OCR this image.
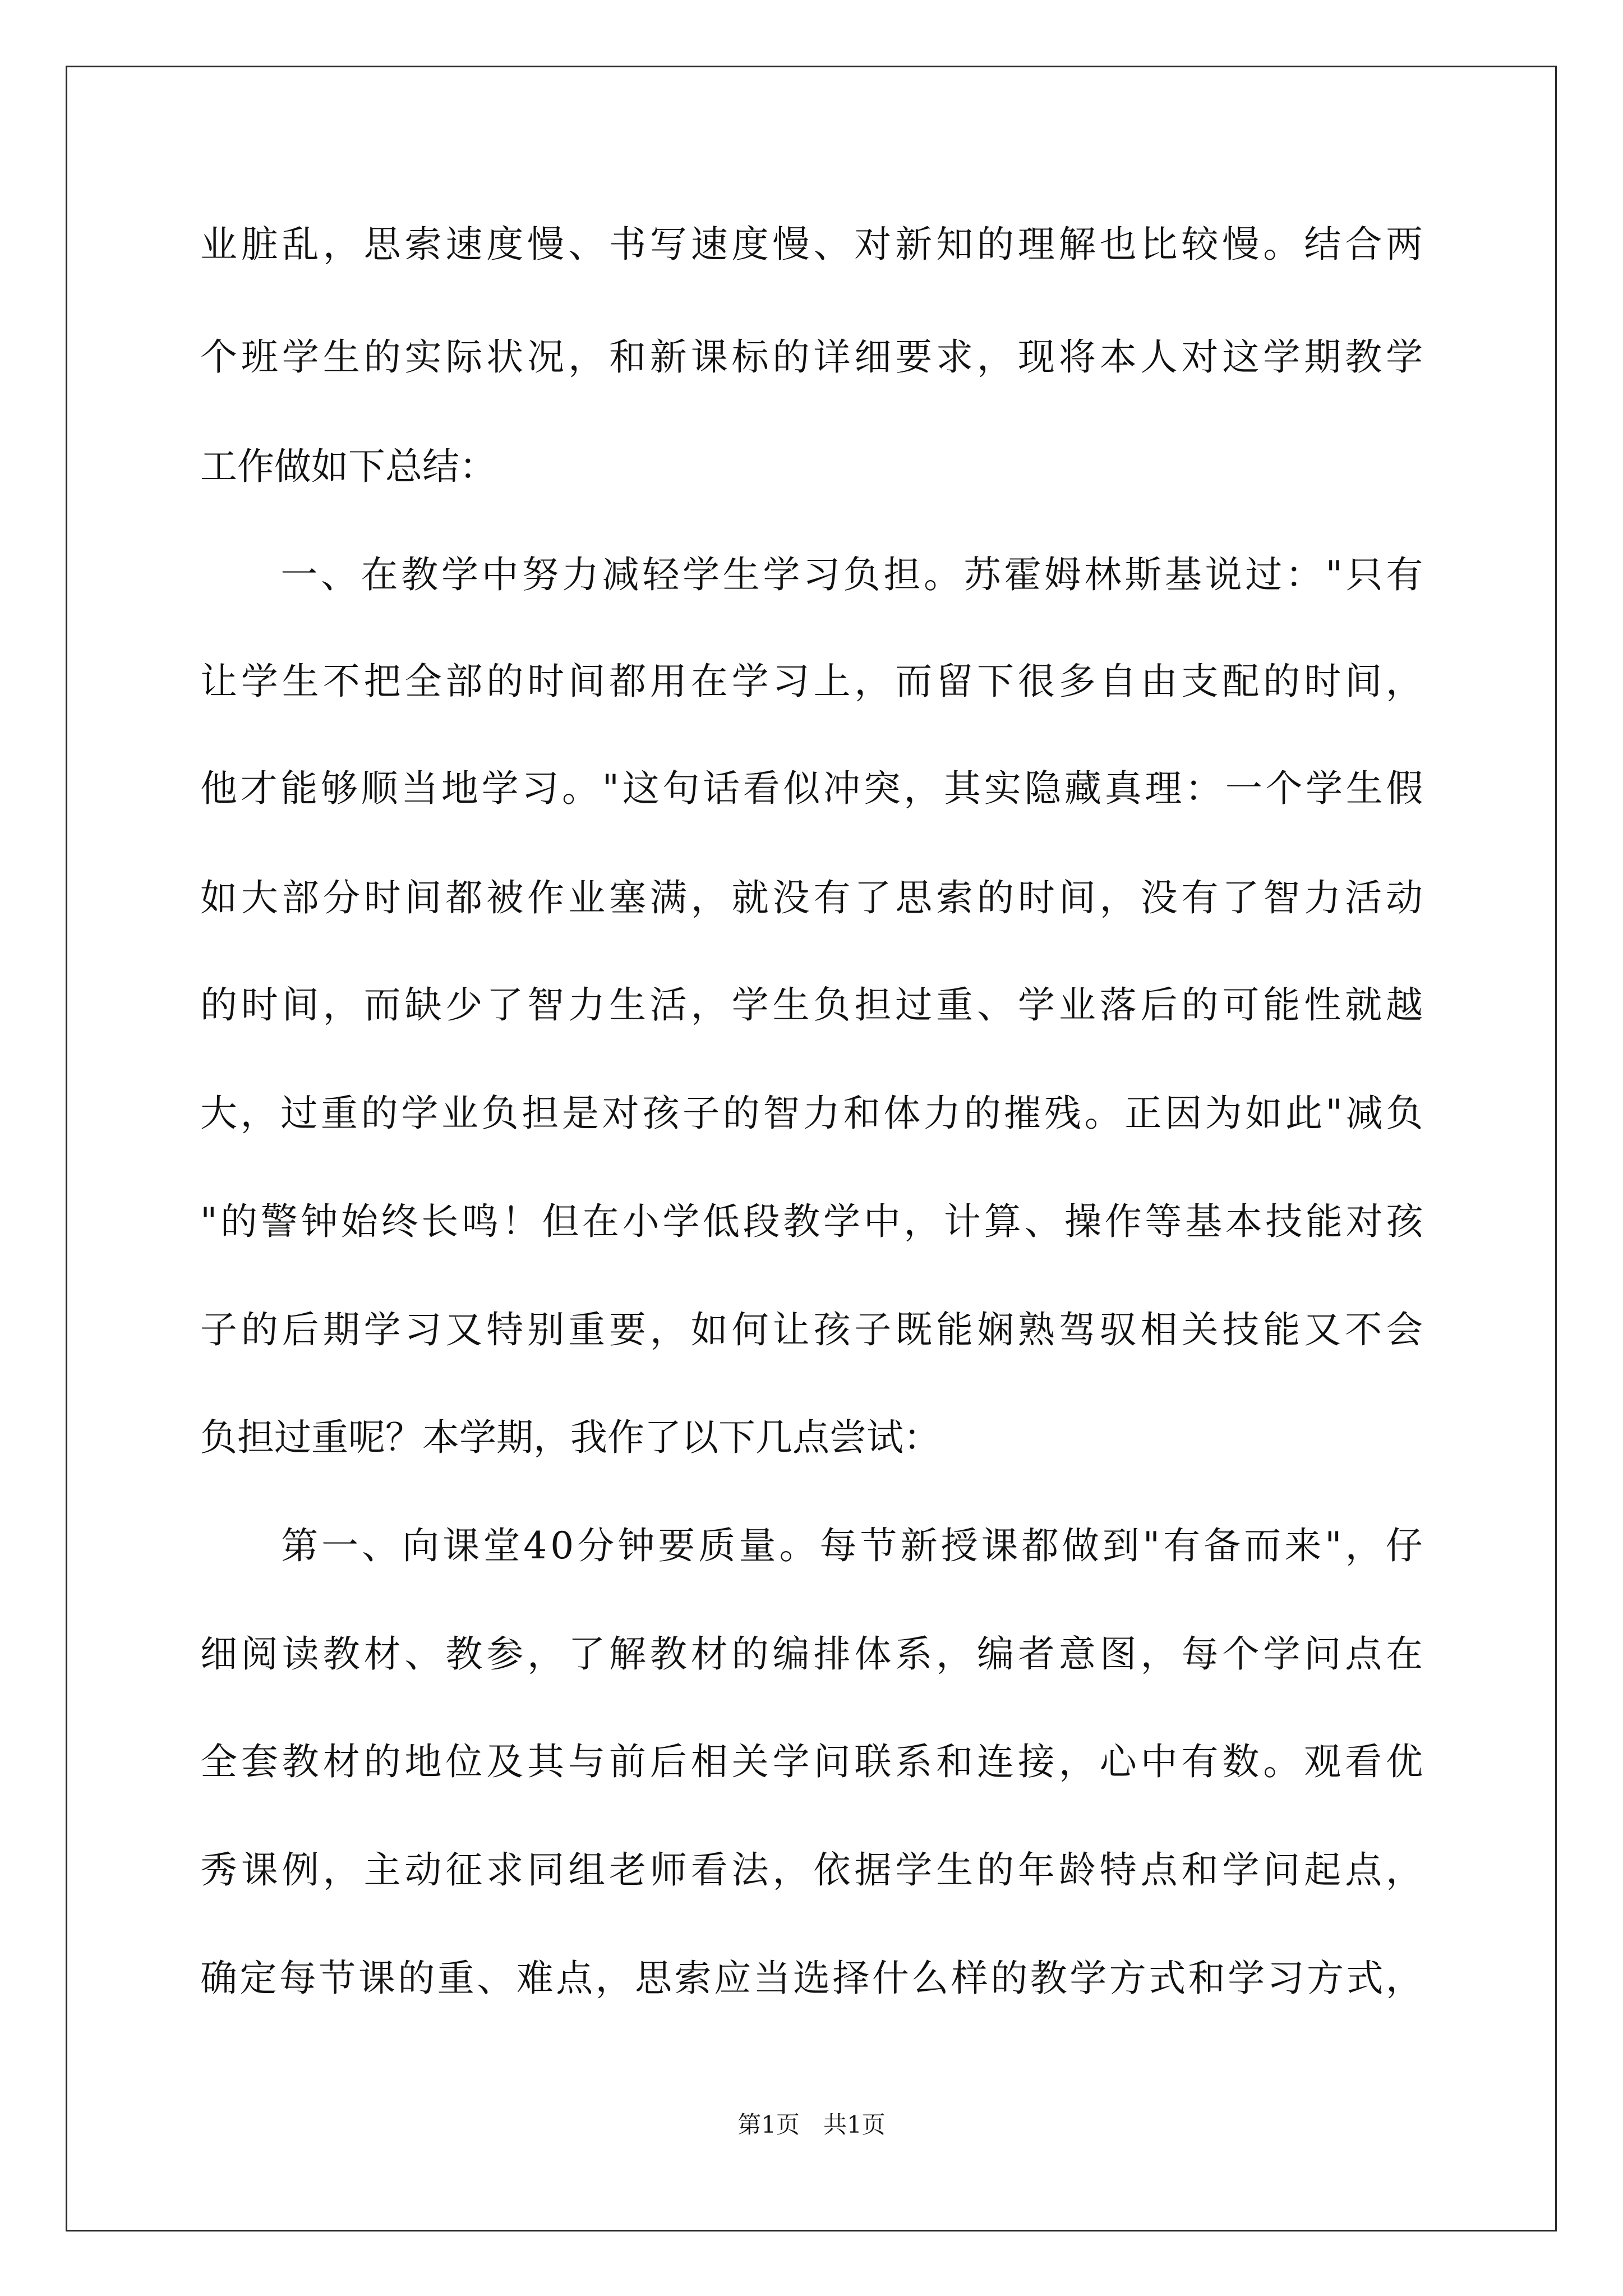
业脏乱，思索速度慢、书写速度慢、对新知的理解也比较慢。结合两
个班学生的实际状况，和新课标的详细要求，现将本人对这学期教学
工作做如下总结：
　　一、在教学中努力减轻学生学习负担。苏霍姆林斯基说过："只有
让学生不把全部的时间都用在学习上，而留下很多自由支配的时间，
他才能够顺当地学习。"这句话看似冲突，其实隐藏真理：一个学生假
如大部分时间都被作业塞满，就没有了思索的时间，没有了智力活动
的时间，而缺少了智力生活，学生负担过重、学业落后的可能性就越
大，过重的学业负担是对孩子的智力和体力的摧残。正因为如此"减负
"的警钟始终长鸣！但在小学低段教学中，计算、操作等基本技能对孩
子的后期学习又特别重要，如何让孩子既能娴熟驾驭相关技能又不会
负担过重呢？本学期，我作了以下几点尝试：
　　第一、向课堂40分钟要质量。每节新授课都做到"有备而来"，仔
细阅读教材、教参，了解教材的编排体系，编者意图，每个学问点在
全套教材的地位及其与前后相关学问联系和连接，心中有数。观看优
秀课例，主动征求同组老师看法，依据学生的年龄特点和学问起点，
确定每节课的重、难点，思索应当选择什么样的教学方式和学习方式，
第1页　共1页
